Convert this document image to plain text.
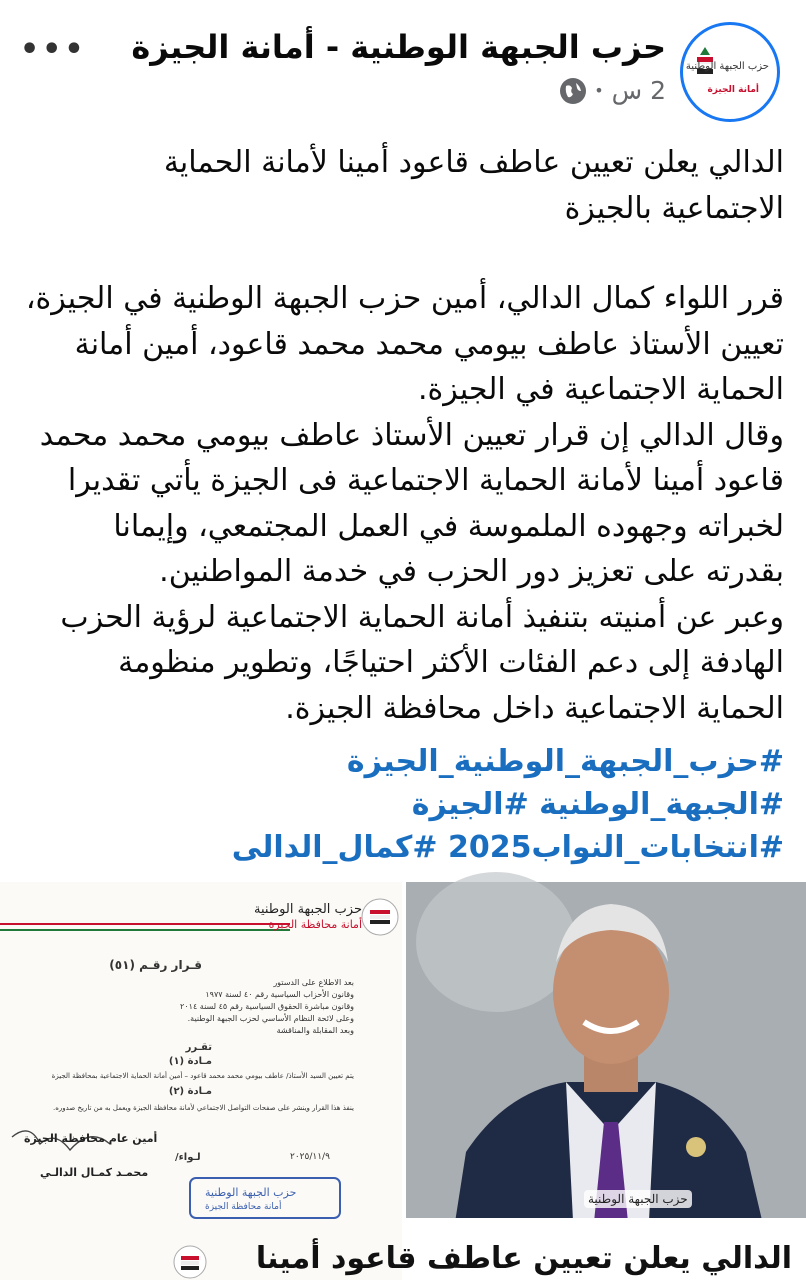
حزب الجبهة الوطنية
أمانة الجيزة
حزب الجبهة الوطنية - أمانة الجيزة
2 س
•
•••

الدالي يعلن تعيين عاطف قاعود أمينا لأمانة الحماية

الاجتماعية بالجيزة

قرر اللواء كمال الدالي، أمين حزب الجبهة الوطنية في الجيزة،

تعيين الأستاذ عاطف بيومي محمد محمد قاعود، أمين أمانة

الحماية الاجتماعية في الجيزة.

وقال الدالي إن قرار تعيين الأستاذ عاطف بيومي محمد محمد

قاعود أمينا لأمانة الحماية الاجتماعية فى الجيزة يأتي تقديرا

لخبراته وجهوده الملموسة في العمل المجتمعي، وإيمانا

بقدرته على تعزيز دور الحزب في خدمة المواطنين.

وعبر عن أمنيته بتنفيذ أمانة الحماية الاجتماعية لرؤية الحزب

الهادفة إلى دعم الفئات الأكثر احتياجًا، وتطوير منظومة

الحماية الاجتماعية داخل محافظة الجيزة.

#حزب_الجبهة_الوطنية_الجيزة
#الجبهة_الوطنية #الجيزة
#انتخابات_النواب2025 #كمال_الدالى
حزب الجبهة الوطنية
أمانة محافظة الجيزة
قـرار رقـم (٥١)
بعد الاطلاع على الدستور
وقانون الأحزاب السياسية رقم ٤٠ لسنة ١٩٧٧
وقانون مباشرة الحقوق السياسية رقم ٤٥ لسنة ٢٠١٤
وعلى لائحة النظام الأساسي لحزب الجبهة الوطنية.
وبعد المقابلة والمناقشة
تقـرر
مـادة (١)
يتم تعيين السيد الأستاذ/ عاطف بيومي محمد محمد قاعود – أمين أمانة الحماية الاجتماعية بمحافظة الجيزة
مـادة (٢)
ينفذ هذا القرار وينشر على صفحات التواصل الاجتماعي لأمانة محافظة الجيزة ويعمل به من تاريخ صدوره.
أمين عام محافظة الجيزة
٢٠٢٥/١١/٩
لـواء/
محمـد كمـال الدالـي
حزب الجبهة الوطنية
أمانة محافظة الجيزة
الدالي يعلن تعيين عاطف قاعود أمينا
حزب الجبهة الوطنية
